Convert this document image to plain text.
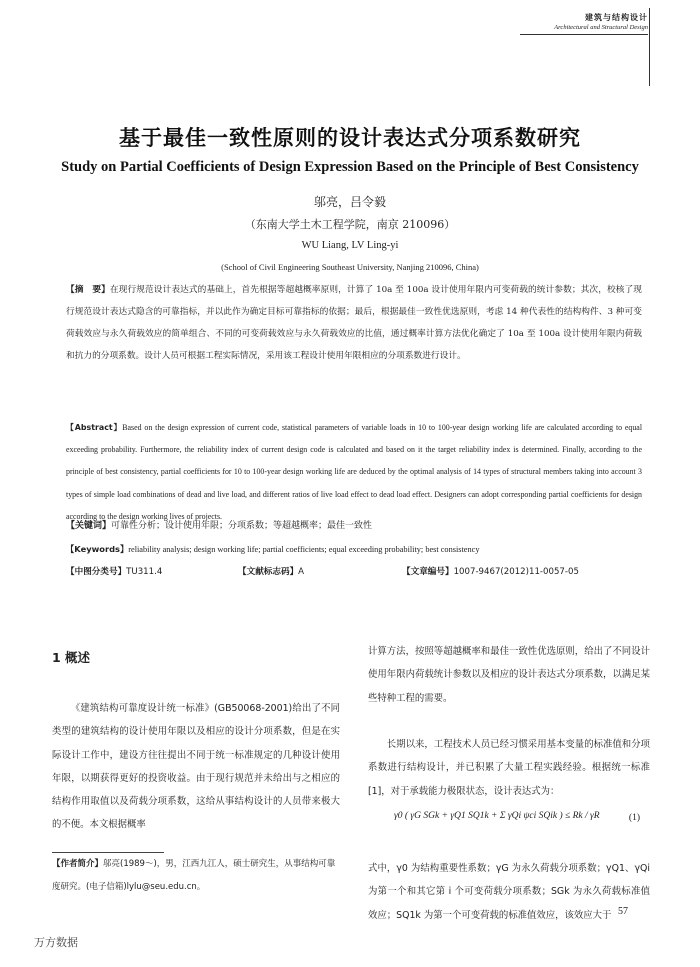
建筑与结构设计
Architectural and Structural Design
基于最佳一致性原则的设计表达式分项系数研究
Study on Partial Coefficients of Design Expression Based on the Principle of Best Consistency
邬亮，吕令毅
（东南大学土木工程学院，南京 210096）
WU Liang, LV Ling-yi
(School of Civil Engineering Southeast University, Nanjing 210096, China)
【摘　要】在现行规范设计表达式的基础上，首先根据等超越概率原则，计算了 10a 至 100a 设计使用年限内可变荷载的统计参数；其次，校核了现行规范设计表达式隐含的可靠指标，并以此作为确定目标可靠指标的依据；最后，根据最佳一致性优选原则，考虑 14 种代表性的结构构件、3 种可变荷载效应与永久荷载效应的简单组合、不同的可变荷载效应与永久荷载效应的比值，通过概率计算方法优化确定了 10a 至 100a 设计使用年限内荷载和抗力的分项系数。设计人员可根据工程实际情况，采用该工程设计使用年限相应的分项系数进行设计。
【Abstract】Based on the design expression of current code, statistical parameters of variable loads in 10 to 100-year design working life are calculated according to equal exceeding probability. Furthermore, the reliability index of current design code is calculated and based on it the target reliability index is determined. Finally, according to the principle of best consistency, partial coefficients for 10 to 100-year design working life are deduced by the optimal analysis of 14 types of structural members taking into account 3 types of simple load combinations of dead and live load, and different ratios of live load effect to dead load effect. Designers can adopt corresponding partial coefficients for design according to the design working lives of projects.
【关键词】可靠性分析；设计使用年限；分项系数；等超越概率；最佳一致性
【Keywords】reliability analysis; design working life; partial coefficients; equal exceeding probability; best consistency
【中图分类号】TU311.4	【文献标志码】A	【文章编号】1007-9467(2012)11-0057-05
1 概述
《建筑结构可靠度设计统一标准》(GB50068-2001)给出了不同类型的建筑结构的设计使用年限以及相应的设计分项系数，但是在实际设计工作中，建设方往往提出不同于统一标准规定的几种设计使用年限，以期获得更好的投资收益。由于现行规范并未给出与之相应的结构作用取值以及荷载分项系数，这给从事结构设计的人员带来极大的不便。本文根据概率
【作者简介】邬亮(1989～)，男，江西九江人，硕士研究生，从事结构可靠度研究。(电子信箱)lylu@seu.edu.cn。
计算方法，按照等超越概率和最佳一致性优选原则，给出了不同设计使用年限内荷载统计参数以及相应的设计表达式分项系数，以满足某些特种工程的需要。
长期以来，工程技术人员已经习惯采用基本变量的标准值和分项系数进行结构设计，并已积累了大量工程实践经验。根据统一标准[1]，对于承载能力极限状态，设计表达式为：
γ0 ( γG SGk + γQ1 SQ1k + Σ γQi ψci SQik ) ≤ Rk / γR	(1)
式中，γ0 为结构重要性系数；γG 为永久荷载分项系数；γQ1、γQi 为第一个和其它第 i 个可变荷载分项系数；SGk 为永久荷载标准值效应；SQ1k 为第一个可变荷载的标准值效应，该效应大于 57
万方数据
